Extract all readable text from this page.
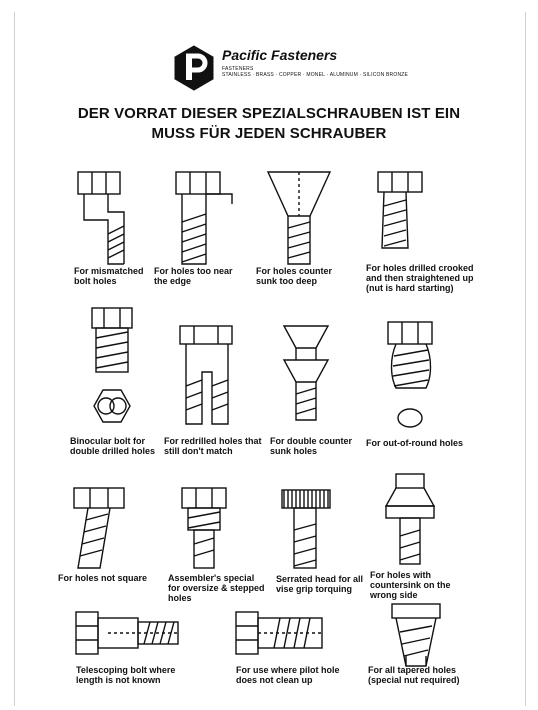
Pacific Fasteners
FASTENERS
STAINLESS · BRASS · COPPER · MONEL · ALUMINUM · SILICON BRONZE
DER VORRAT DIESER SPEZIALSCHRAUBEN IST EIN
MUSS FÜR JEDEN SCHRAUBER
For mismatched bolt holes
For holes too near the edge
For holes counter sunk too deep
For holes drilled crooked and then straightened up (nut is hard starting)
Binocular bolt for double drilled holes
For redrilled holes that still don't match
For double counter sunk holes
For out-of-round holes
For holes not square	Assembler's special for oversize & stepped holes
Serrated head for all vise grip torquing
For holes with countersink on the wrong side
Telescoping bolt where length is not known
For use where pilot hole does not clean up
For all tapered holes (special nut required)
